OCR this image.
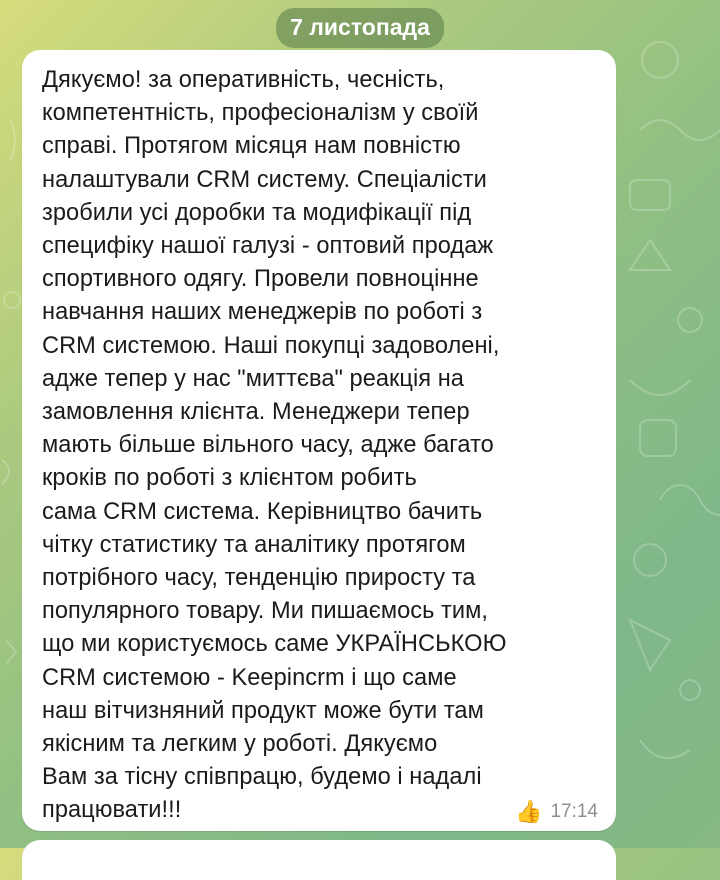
7 листопада
Дякуємо! за оперативність, чесність,
компетентність, професіоналізм у своїй
справі. Протягом місяця нам повністю
налаштували CRM систему. Спеціалісти
зробили усі доробки та модифікації під
специфіку нашої галузі - оптовий продаж
спортивного одягу. Провели повноцінне
навчання наших менеджерів по роботі з
CRM системою. Наші покупці задоволені,
адже тепер у нас "миттєва" реакція на
замовлення клієнта. Менеджери тепер
мають більше вільного часу, адже багато
кроків по роботі з клієнтом робить
сама CRM система. Керівництво бачить
чітку статистику та аналітику протягом
потрібного часу, тенденцію приросту та
популярного товару. Ми пишаємось тим,
що ми користуємось саме УКРАЇНСЬКОЮ
CRM системою - Keepincrm і що саме
наш вітчизняний продукт може бути там
якісним та легким у роботі. Дякуємо
Вам за тісну співпрацю, будемо і надалі
працювати!!!	👍 17:14
